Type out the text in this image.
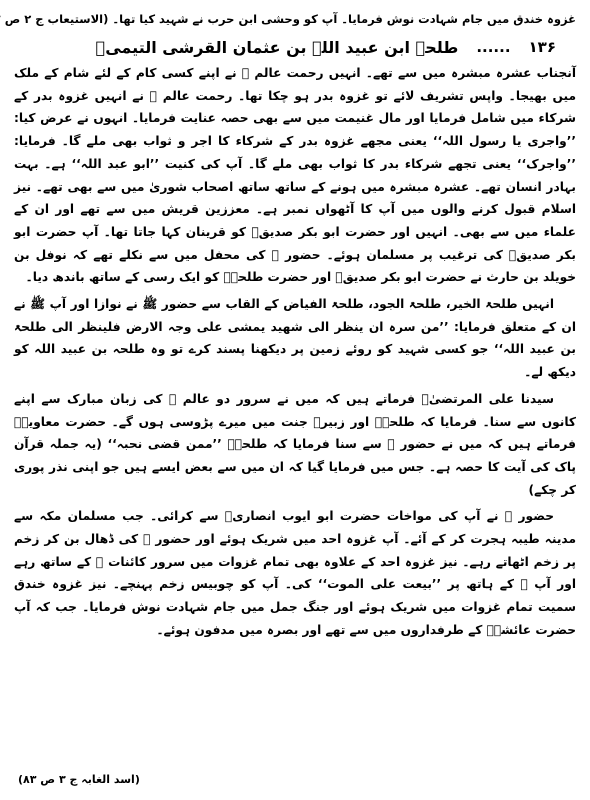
غزوہ خندق میں جام شہادت نوش فرمایا۔ آپ کو وحشی ابن حرب نے شہید کیا تھا۔ (الاستیعاب ج ۲ ص
۱۳۶
......
طلحہ ابن عبید اللہ بن عثمان القرشی التیمیؓ

آنجناب عشرہ مبشرہ میں سے تھے۔ انہیں رحمت عالم ﷺ نے اپنے کسی کام کے لئے شام کے ملک میں بھیجا۔ واپس تشریف لائے تو غزوہ بدر ہو چکا تھا۔ رحمت عالم ﷺ نے انہیں غزوہ بدر کے شرکاء میں شامل فرمایا اور مال غنیمت میں سے بھی حصہ عنایت فرمایا۔ انہوں نے عرض کیا: ’’واجری یا رسول اللہ‘‘ یعنی مجھے غزوہ بدر کے شرکاء کا اجر و ثواب بھی ملے گا۔ فرمایا: ’’واجرک‘‘ یعنی تجھے شرکاء بدر کا ثواب بھی ملے گا۔ آپ کی کنیت ’’ابو عبد اللہ‘‘ ہے۔ بہت بہادر انسان تھے۔ عشرہ مبشرہ میں ہونے کے ساتھ ساتھ اصحاب شوریٰ میں سے بھی تھے۔ نیز اسلام قبول کرنے والوں میں آپ کا آٹھواں نمبر ہے۔ معززین قریش میں سے تھے اور ان کے علماء میں سے بھی۔ انہیں اور حضرت ابو بکر صدیقؓ کو قرینان کہا جاتا تھا۔ آپ حضرت ابو بکر صدیقؓ کی ترغیب پر مسلمان ہوئے۔ حضور ﷺ کی محفل میں سے نکلے تھے کہ نوفل بن خویلد بن حارث نے حضرت ابو بکر صدیقؓ اور حضرت طلحہؓ کو ایک رسی کے ساتھ باندھ دیا۔

انہیں طلحۃ الخیر، طلحۃ الجود، طلحۃ الفیاض کے القاب سے حضور ﷺ نے نوازا اور آپ ﷺ نے ان کے متعلق فرمایا: ’’من سرہ ان ینظر الی شھید یمشی علی وجہ الارض فلینظر الی طلحۃ بن عبید اللہ‘‘ جو کسی شہید کو روئے زمین پر دیکھنا پسند کرے تو وہ طلحہ بن عبید اللہ کو دیکھ لے۔

سیدنا علی المرتضیٰؓ فرماتے ہیں کہ میں نے سرور دو عالم ﷺ کی زبان مبارک سے اپنے کانوں سے سنا۔ فرمایا کہ طلحہؓ اور زبیرؓ جنت میں میرے پڑوسی ہوں گے۔ حضرت معاویہؓ فرماتے ہیں کہ میں نے حضور ﷺ سے سنا فرمایا کہ طلحہؓ ’’ممن قضی نحبہ‘‘ (یہ جملہ قرآن پاک کی آیت کا حصہ ہے۔ جس میں فرمایا گیا کہ ان میں سے بعض ایسے ہیں جو اپنی نذر پوری کر چکے)

حضور ﷺ نے آپ کی مواخات حضرت ابو ایوب انصاریؓ سے کرائی۔ جب مسلمان مکہ سے مدینہ طیبہ ہجرت کر کے آئے۔ آپ غزوہ احد میں شریک ہوئے اور حضور ﷺ کی ڈھال بن کر زخم پر زخم اٹھاتے رہے۔ نیز غزوہ احد کے علاوہ بھی تمام غزوات میں سرور کائنات ﷺ کے ساتھ رہے اور آپ ﷺ کے ہاتھ پر ’’بیعت علی الموت‘‘ کی۔ آپ کو چوبیس زخم پہنچے۔ نیز غزوہ خندق سمیت تمام غزوات میں شریک ہوئے اور جنگ جمل میں جام شہادت نوش فرمایا۔ جب کہ آپ حضرت عائشہؓ کے طرفداروں میں سے تھے اور بصرہ میں مدفون ہوئے۔

(اسد الغابہ ج ۳ ص ۸۳)
